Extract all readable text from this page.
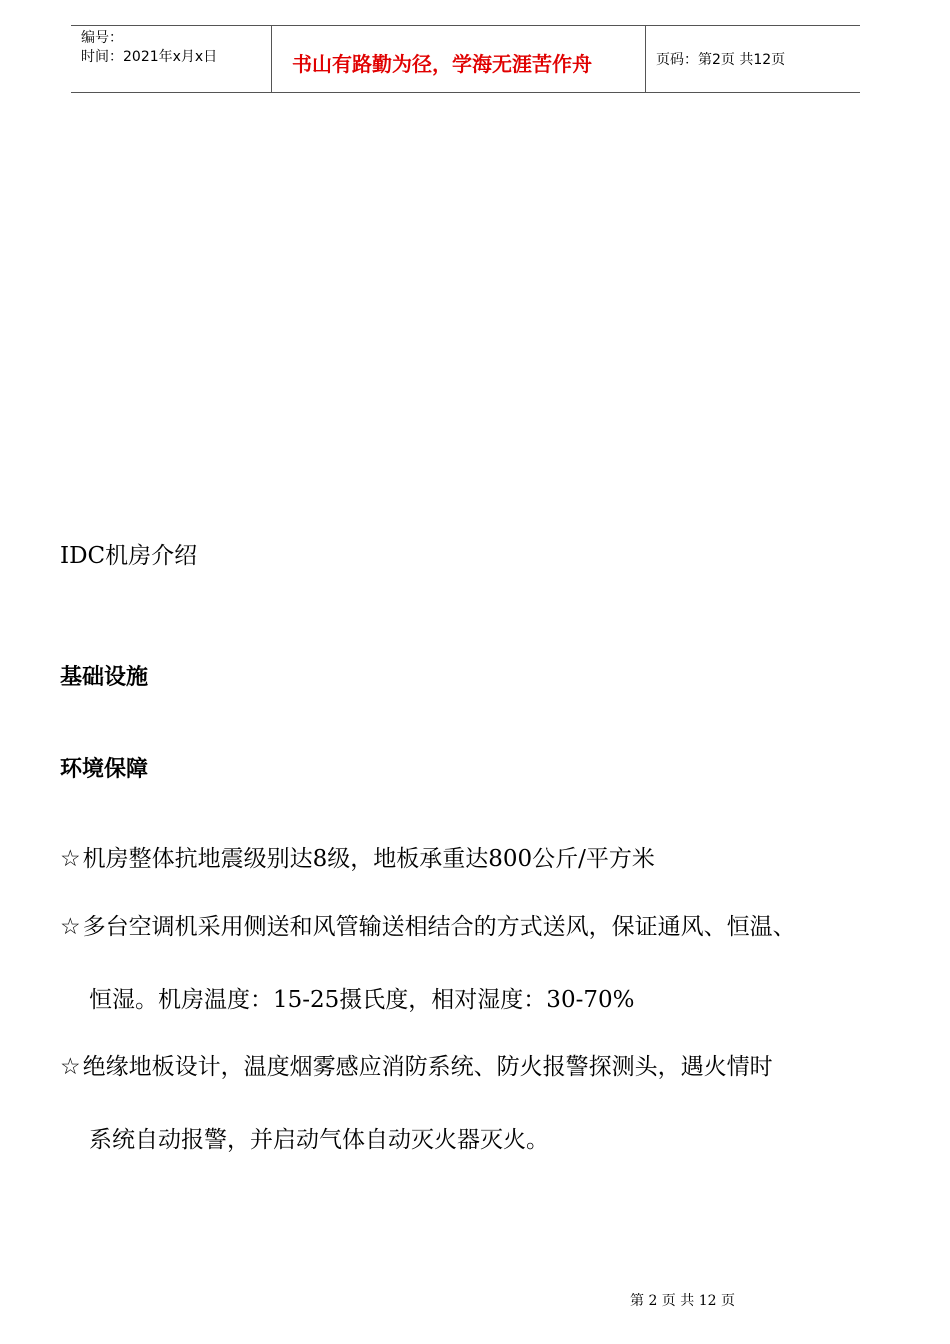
编号：
时间：2021年x月x日	书山有路勤为径，学海无涯苦作舟	页码：第2页 共12页
IDC机房介绍
基础设施
环境保障
☆机房整体抗地震级别达8级，地板承重达800公斤/平方米
☆多台空调机采用侧送和风管输送相结合的方式送风，保证通风、恒温、
恒湿。机房温度：15-25摄氏度，相对湿度：30-70%
☆绝缘地板设计，温度烟雾感应消防系统、防火报警探测头，遇火情时
系统自动报警，并启动气体自动灭火器灭火。
第 2 页 共 12 页
